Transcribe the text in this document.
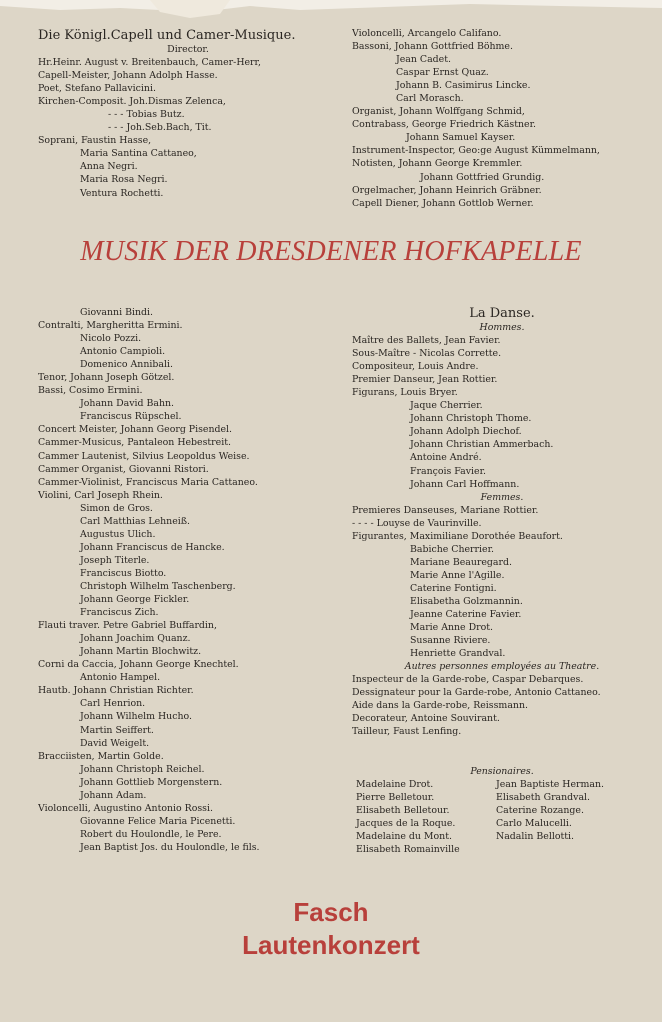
Die Königl.Capell und Camer-Musique.
Director.
Hr.Heinr. August v. Breitenbauch, Camer-Herr,
Capell-Meister, Johann Adolph Hasse.
Poet, Stefano Pallavicini.
Kirchen-Composit. Joh.Dismas Zelenca,
- - - Tobias Butz.
- - - Joh.Seb.Bach, Tit.
Soprani, Faustin Hasse,
Maria Santina Cattaneo,
Anna Negri.
Maria Rosa Negri.
Ventura Rochetti.
Violoncelli, Arcangelo Califano.
Bassoni, Johann Gottfried Böhme.
Jean Cadet.
Caspar Ernst Quaz.
Johann B. Casimirus Lincke.
Carl Morasch.
Organist, Johann Wolffgang Schmid,
Contrabass, George Friedrich Kästner.
Johann Samuel Kayser.
Instrument-Inspector, Geo:ge August Kümmelmann,
Notisten, Johann George Kremmler.
Johann Gottfried Grundig.
Orgelmacher, Johann Heinrich Gräbner.
Capell Diener, Johann Gottlob Werner.
MUSIK DER DRESDENER HOFKAPELLE
Giovanni Bindi.
Contralti, Margheritta Ermini.
Nicolo Pozzi.
Antonio Campioli.
Domenico Annibali.
Tenor, Johann Joseph Götzel.
Bassi, Cosimo Ermini.
Johann David Bahn.
Franciscus Rüpschel.
Concert Meister, Johann Georg Pisendel.
Cammer-Musicus, Pantaleon Hebestreit.
Cammer Lautenist, Silvius Leopoldus Weise.
Cammer Organist, Giovanni Ristori.
Cammer-Violinist, Franciscus Maria Cattaneo.
Violini, Carl Joseph Rhein.
Simon de Gros.
Carl Matthias Lehneiß.
Augustus Ulich.
Johann Franciscus de Hancke.
Joseph Titerle.
Franciscus Biotto.
Christoph Wilhelm Taschenberg.
Johann George Fickler.
Franciscus Zich.
Flauti traver. Petre Gabriel Buffardin,
Johann Joachim Quanz.
Johann Martin Blochwitz.
Corni da Caccia, Johann George Knechtel.
Antonio Hampel.
Hautb. Johann Christian Richter.
Carl Henrion.
Johann Wilhelm Hucho.
Martin Seiffert.
David Weigelt.
Bracciisten, Martin Golde.
Johann Christoph Reichel.
Johann Gottlieb Morgenstern.
Johann Adam.
Violoncelli, Augustino Antonio Rossi.
Giovanne Felice Maria Picenetti.
Robert du Houlondle, le Pere.
Jean Baptist Jos. du Houlondle, le fils.
La Danse.
Hommes.
Maître des Ballets, Jean Favier.
Sous-Maître - Nicolas Corrette.
Compositeur, Louis Andre.
Premier Danseur, Jean Rottier.
Figurans, Louis Bryer.
Jaque Cherrier.
Johann Christoph Thome.
Johann Adolph Diechof.
Johann Christian Ammerbach.
Antoine André.
François Favier.
Johann Carl Hoffmann.
Femmes.
Premieres Danseuses, Mariane Rottier.
- - - - Louyse de Vaurinville.
Figurantes, Maximiliane Dorothée Beaufort.
Babiche Cherrier.
Mariane Beauregard.
Marie Anne l'Agille.
Caterine Fontigni.
Elisabetha Golzmannin.
Jeanne Caterine Favier.
Marie Anne Drot.
Susanne Riviere.
Henriette Grandval.
Autres personnes employées au Theatre.
Inspecteur de la Garde-robe, Caspar Debarques.
Dessignateur pour la Garde-robe, Antonio Cattaneo.
Aide dans la Garde-robe, Reissmann.
Decorateur, Antoine Souvirant.
Tailleur, Faust Lenfing.
Pensionaires.
Madelaine Drot.	Jean Baptiste Herman.
Pierre Belletour.	Elisabeth Grandval.
Elisabeth Belletour.	Caterine Rozange.
Jacques de la Roque.	Carlo Malucelli.
Madelaine du Mont.	Nadalin Bellotti.
Elisabeth Romainville
Fasch
Lautenkonzert
